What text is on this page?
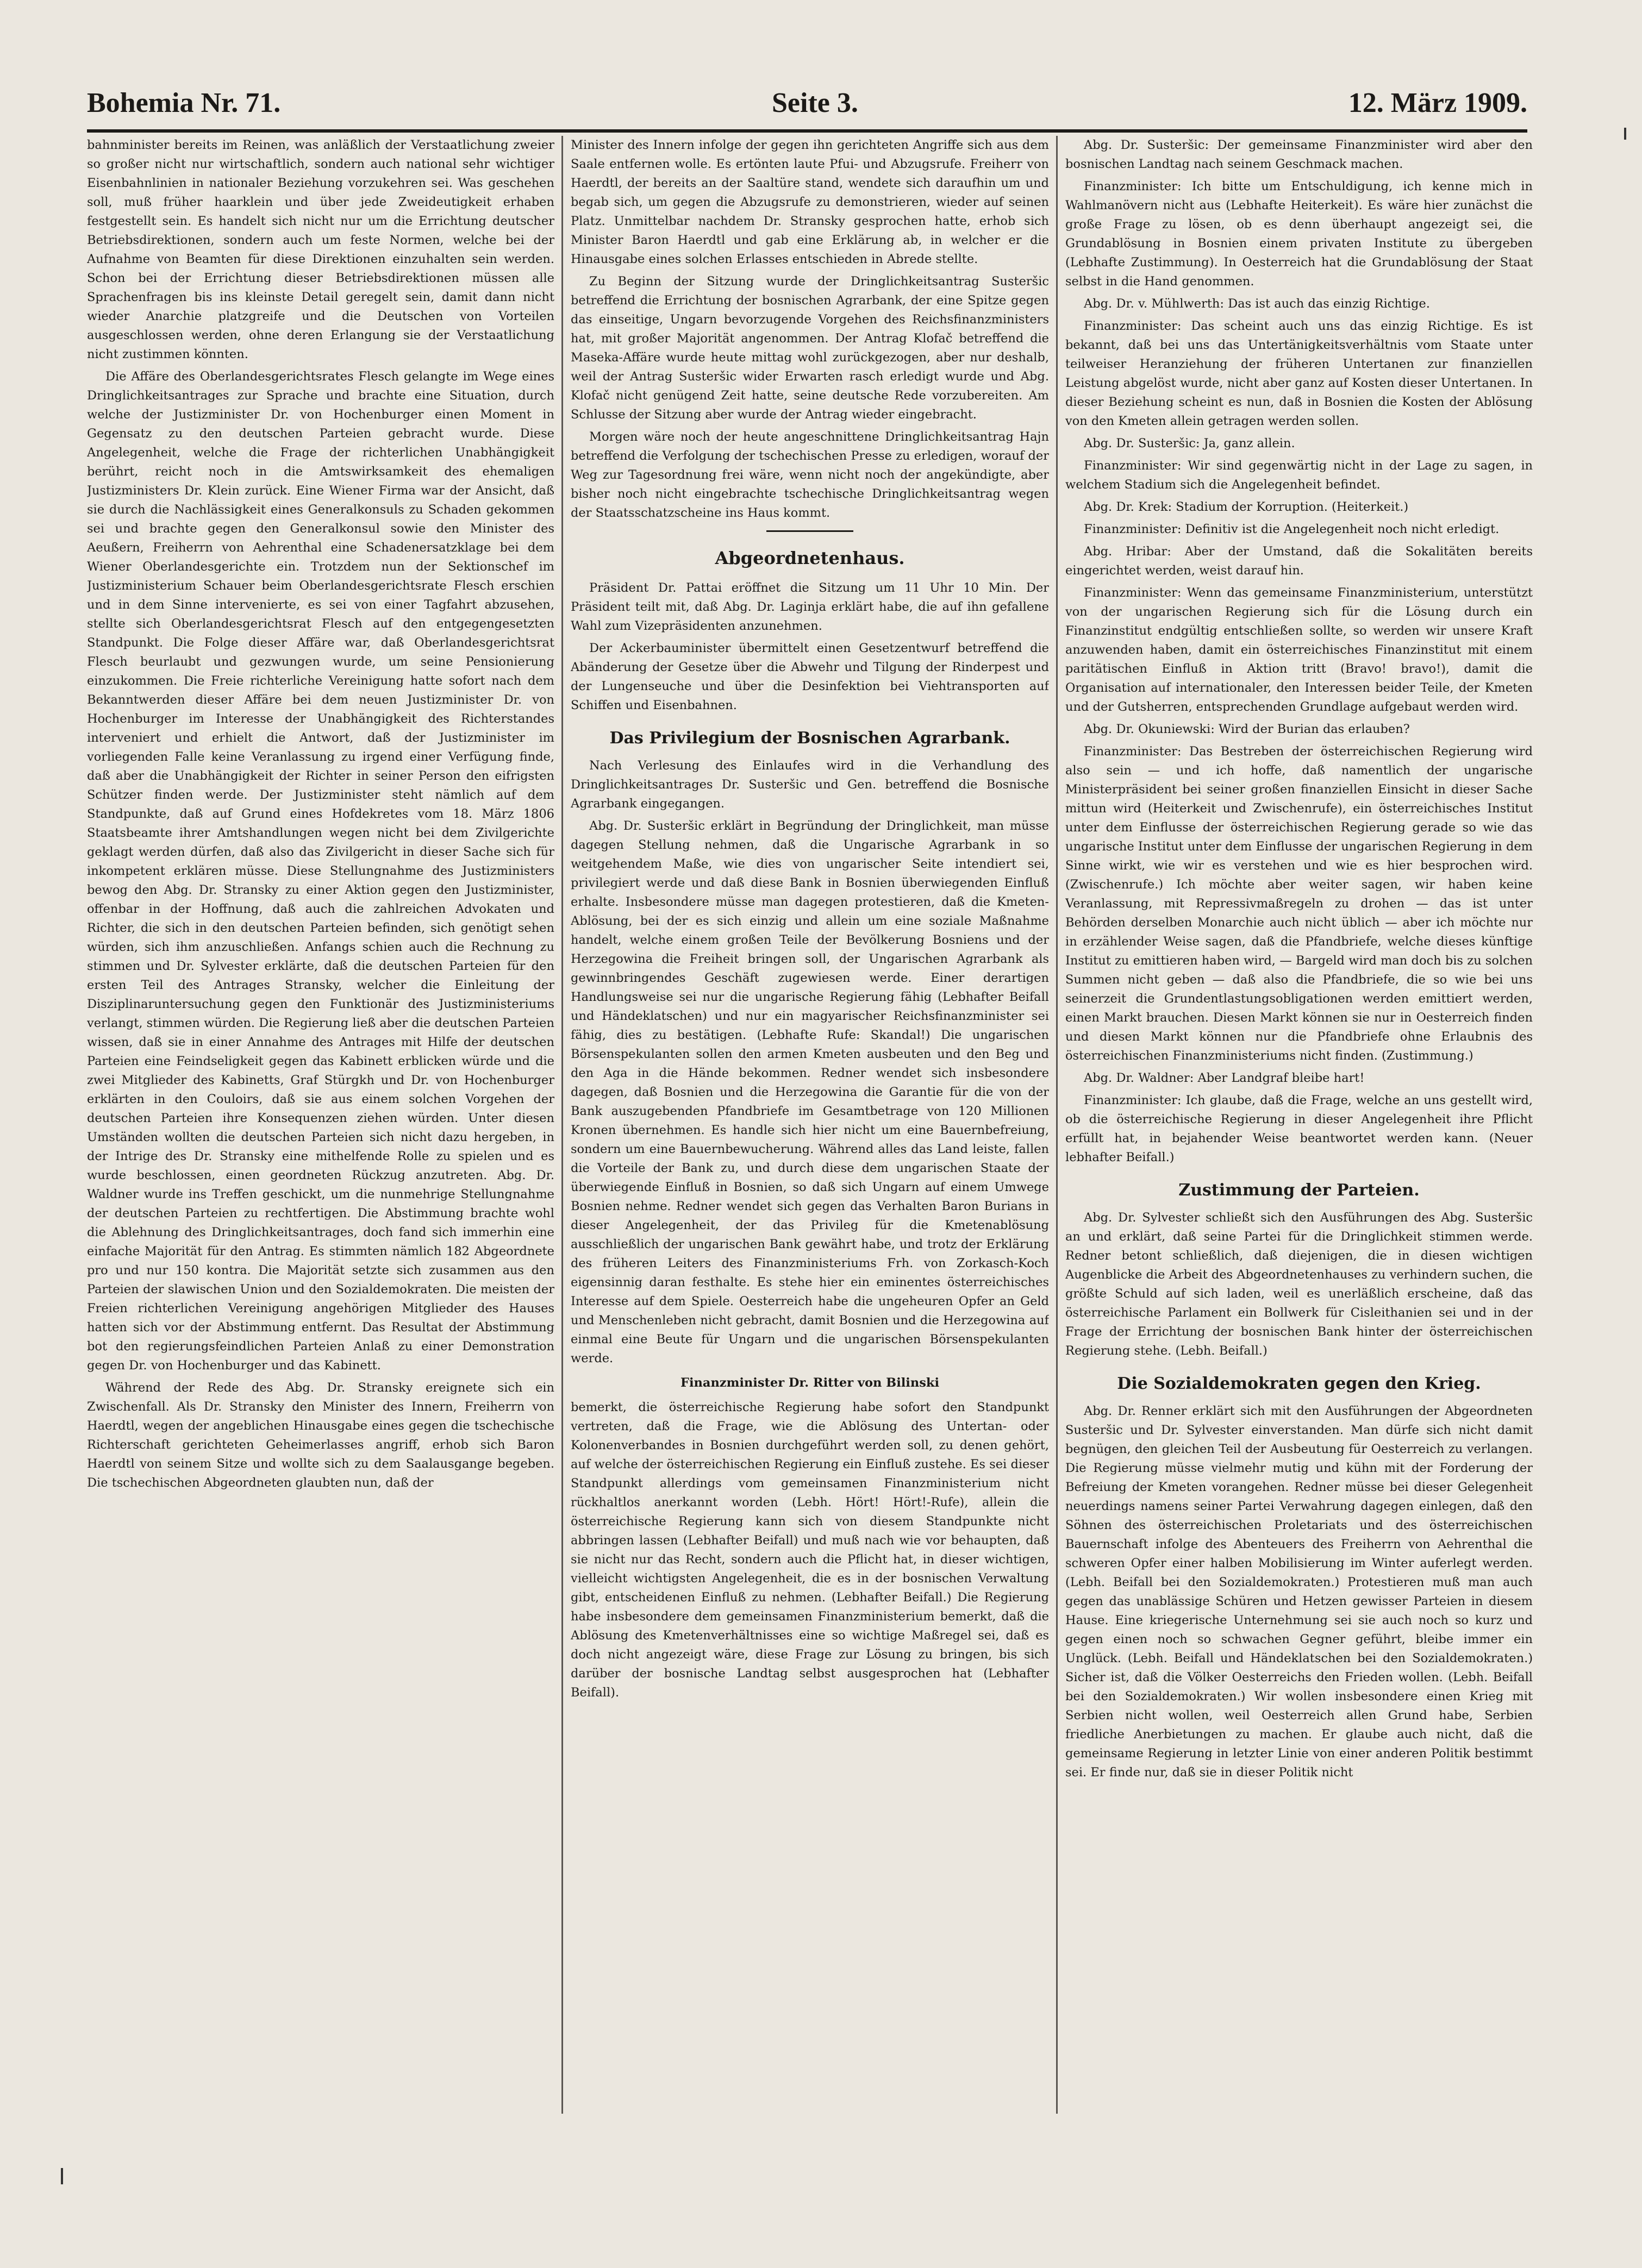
Bohemia Nr. 71.	Seite 3.	12. März 1909.

bahnminister bereits im Reinen, was anläßlich der Verstaatlichung zweier so großer nicht nur wirtschaftlich, sondern auch national sehr wichtiger Eisenbahnlinien in nationaler Beziehung vorzukehren sei. Was geschehen soll, muß früher haarklein und über jede Zweideutigkeit erhaben festgestellt sein. Es handelt sich nicht nur um die Errichtung deutscher Betriebsdirektionen, sondern auch um feste Normen, welche bei der Aufnahme von Beamten für diese Direktionen einzuhalten sein werden. Schon bei der Errichtung dieser Betriebsdirektionen müssen alle Sprachenfragen bis ins kleinste Detail geregelt sein, damit dann nicht wieder Anarchie platzgreife und die Deutschen von Vorteilen ausgeschlossen werden, ohne deren Erlangung sie der Verstaatlichung nicht zustimmen könnten.

Die Affäre des Oberlandesgerichtsrates Flesch gelangte im Wege eines Dringlichkeitsantrages zur Sprache und brachte eine Situation, durch welche der Justizminister Dr. von Hochenburger einen Moment in Gegensatz zu den deutschen Parteien gebracht wurde. Diese Angelegenheit, welche die Frage der richterlichen Unabhängigkeit berührt, reicht noch in die Amtswirksamkeit des ehemaligen Justizministers Dr. Klein zurück. Eine Wiener Firma war der Ansicht, daß sie durch die Nachlässigkeit eines Generalkonsuls zu Schaden gekommen sei und brachte gegen den Generalkonsul sowie den Minister des Aeußern, Freiherrn von Aehrenthal eine Schadenersatzklage bei dem Wiener Oberlandesgerichte ein. Trotzdem nun der Sektionschef im Justizministerium Schauer beim Oberlandesgerichtsrate Flesch erschien und in dem Sinne intervenierte, es sei von einer Tagfahrt abzusehen, stellte sich Oberlandesgerichtsrat Flesch auf den entgegengesetzten Standpunkt. Die Folge dieser Affäre war, daß Oberlandesgerichtsrat Flesch beurlaubt und gezwungen wurde, um seine Pensionierung einzukommen. Die Freie richterliche Vereinigung hatte sofort nach dem Bekanntwerden dieser Affäre bei dem neuen Justizminister Dr. von Hochenburger im Interesse der Unabhängigkeit des Richterstandes interveniert und erhielt die Antwort, daß der Justizminister im vorliegenden Falle keine Veranlassung zu irgend einer Verfügung finde, daß aber die Unabhängigkeit der Richter in seiner Person den eifrigsten Schützer finden werde. Der Justizminister steht nämlich auf dem Standpunkte, daß auf Grund eines Hofdekretes vom 18. März 1806 Staatsbeamte ihrer Amtshandlungen wegen nicht bei dem Zivilgerichte geklagt werden dürfen, daß also das Zivilgericht in dieser Sache sich für inkompetent erklären müsse. Diese Stellungnahme des Justizministers bewog den Abg. Dr. Stransky zu einer Aktion gegen den Justizminister, offenbar in der Hoffnung, daß auch die zahlreichen Advokaten und Richter, die sich in den deutschen Parteien befinden, sich genötigt sehen würden, sich ihm anzuschließen. Anfangs schien auch die Rechnung zu stimmen und Dr. Sylvester erklärte, daß die deutschen Parteien für den ersten Teil des Antrages Stransky, welcher die Einleitung der Disziplinaruntersuchung gegen den Funktionär des Justizministeriums verlangt, stimmen würden. Die Regierung ließ aber die deutschen Parteien wissen, daß sie in einer Annahme des Antrages mit Hilfe der deutschen Parteien eine Feindseligkeit gegen das Kabinett erblicken würde und die zwei Mitglieder des Kabinetts, Graf Stürgkh und Dr. von Hochenburger erklärten in den Couloirs, daß sie aus einem solchen Vorgehen der deutschen Parteien ihre Konsequenzen ziehen würden. Unter diesen Umständen wollten die deutschen Parteien sich nicht dazu hergeben, in der Intrige des Dr. Stransky eine mithelfende Rolle zu spielen und es wurde beschlossen, einen geordneten Rückzug anzutreten. Abg. Dr. Waldner wurde ins Treffen geschickt, um die nunmehrige Stellungnahme der deutschen Parteien zu rechtfertigen. Die Abstimmung brachte wohl die Ablehnung des Dringlichkeitsantrages, doch fand sich immerhin eine einfache Majorität für den Antrag. Es stimmten nämlich 182 Abgeordnete pro und nur 150 kontra. Die Majorität setzte sich zusammen aus den Parteien der slawischen Union und den Sozialdemokraten. Die meisten der Freien richterlichen Vereinigung angehörigen Mitglieder des Hauses hatten sich vor der Abstimmung entfernt. Das Resultat der Abstimmung bot den regierungsfeindlichen Parteien Anlaß zu einer Demonstration gegen Dr. von Hochenburger und das Kabinett.

Während der Rede des Abg. Dr. Stransky ereignete sich ein Zwischenfall. Als Dr. Stransky den Minister des Innern, Freiherrn von Haerdtl, wegen der angeblichen Hinausgabe eines gegen die tschechische Richterschaft gerichteten Geheimerlasses angriff, erhob sich Baron Haerdtl von seinem Sitze und wollte sich zu dem Saalausgange begeben. Die tschechischen Abgeordneten glaubten nun, daß der

Minister des Innern infolge der gegen ihn gerichteten Angriffe sich aus dem Saale entfernen wolle. Es ertönten laute Pfui- und Abzugsrufe. Freiherr von Haerdtl, der bereits an der Saaltüre stand, wendete sich daraufhin um und begab sich, um gegen die Abzugsrufe zu demonstrieren, wieder auf seinen Platz. Unmittelbar nachdem Dr. Stransky gesprochen hatte, erhob sich Minister Baron Haerdtl und gab eine Erklärung ab, in welcher er die Hinausgabe eines solchen Erlasses entschieden in Abrede stellte.

Zu Beginn der Sitzung wurde der Dringlichkeitsantrag Susteršic betreffend die Errichtung der bosnischen Agrarbank, der eine Spitze gegen das einseitige, Ungarn bevorzugende Vorgehen des Reichsfinanzministers hat, mit großer Majorität angenommen. Der Antrag Klofač betreffend die Maseka-Affäre wurde heute mittag wohl zurückgezogen, aber nur deshalb, weil der Antrag Susteršic wider Erwarten rasch erledigt wurde und Abg. Klofač nicht genügend Zeit hatte, seine deutsche Rede vorzubereiten. Am Schlusse der Sitzung aber wurde der Antrag wieder eingebracht.

Morgen wäre noch der heute angeschnittene Dringlichkeitsantrag Hajn betreffend die Verfolgung der tschechischen Presse zu erledigen, worauf der Weg zur Tagesordnung frei wäre, wenn nicht noch der angekündigte, aber bisher noch nicht eingebrachte tschechische Dringlichkeitsantrag wegen der Staatsschatzscheine ins Haus kommt.

Abgeordnetenhaus.

Präsident Dr. Pattai eröffnet die Sitzung um 11 Uhr 10 Min. Der Präsident teilt mit, daß Abg. Dr. Laginja erklärt habe, die auf ihn gefallene Wahl zum Vizepräsidenten anzunehmen.

Der Ackerbauminister übermittelt einen Gesetzentwurf betreffend die Abänderung der Gesetze über die Abwehr und Tilgung der Rinderpest und der Lungenseuche und über die Desinfektion bei Viehtransporten auf Schiffen und Eisenbahnen.

Das Privilegium der Bosnischen Agrarbank.

Nach Verlesung des Einlaufes wird in die Verhandlung des Dringlichkeitsantrages Dr. Susteršic und Gen. betreffend die Bosnische Agrarbank eingegangen.

Abg. Dr. Susteršic erklärt in Begründung der Dringlichkeit, man müsse dagegen Stellung nehmen, daß die Ungarische Agrarbank in so weitgehendem Maße, wie dies von ungarischer Seite intendiert sei, privilegiert werde und daß diese Bank in Bosnien überwiegenden Einfluß erhalte. Insbesondere müsse man dagegen protestieren, daß die Kmeten-Ablösung, bei der es sich einzig und allein um eine soziale Maßnahme handelt, welche einem großen Teile der Bevölkerung Bosniens und der Herzegowina die Freiheit bringen soll, der Ungarischen Agrarbank als gewinnbringendes Geschäft zugewiesen werde. Einer derartigen Handlungsweise sei nur die ungarische Regierung fähig (Lebhafter Beifall und Händeklatschen) und nur ein magyarischer Reichsfinanzminister sei fähig, dies zu bestätigen. (Lebhafte Rufe: Skandal!) Die ungarischen Börsenspekulanten sollen den armen Kmeten ausbeuten und den Beg und den Aga in die Hände bekommen. Redner wendet sich insbesondere dagegen, daß Bosnien und die Herzegowina die Garantie für die von der Bank auszugebenden Pfandbriefe im Gesamtbetrage von 120 Millionen Kronen übernehmen. Es handle sich hier nicht um eine Bauernbefreiung, sondern um eine Bauernbewucherung. Während alles das Land leiste, fallen die Vorteile der Bank zu, und durch diese dem ungarischen Staate der überwiegende Einfluß in Bosnien, so daß sich Ungarn auf einem Umwege Bosnien nehme. Redner wendet sich gegen das Verhalten Baron Burians in dieser Angelegenheit, der das Privileg für die Kmetenablösung ausschließlich der ungarischen Bank gewährt habe, und trotz der Erklärung des früheren Leiters des Finanzministeriums Frh. von Zorkasch-Koch eigensinnig daran festhalte. Es stehe hier ein eminentes österreichisches Interesse auf dem Spiele. Oesterreich habe die ungeheuren Opfer an Geld und Menschenleben nicht gebracht, damit Bosnien und die Herzegowina auf einmal eine Beute für Ungarn und die ungarischen Börsenspekulanten werde.

Finanzminister Dr. Ritter von Bilinski

bemerkt, die österreichische Regierung habe sofort den Standpunkt vertreten, daß die Frage, wie die Ablösung des Untertan- oder Kolonenverbandes in Bosnien durchgeführt werden soll, zu denen gehört, auf welche der österreichischen Regierung ein Einfluß zustehe. Es sei dieser Standpunkt allerdings vom gemeinsamen Finanzministerium nicht rückhaltlos anerkannt worden (Lebh. Hört! Hört!-Rufe), allein die österreichische Regierung kann sich von diesem Standpunkte nicht abbringen lassen (Lebhafter Beifall) und muß nach wie vor behaupten, daß sie nicht nur das Recht, sondern auch die Pflicht hat, in dieser wichtigen, vielleicht wichtigsten Angelegenheit, die es in der bosnischen Verwaltung gibt, entscheidenen Einfluß zu nehmen. (Lebhafter Beifall.) Die Regierung habe insbesondere dem gemeinsamen Finanzministerium bemerkt, daß die Ablösung des Kmetenverhältnisses eine so wichtige Maßregel sei, daß es doch nicht angezeigt wäre, diese Frage zur Lösung zu bringen, bis sich darüber der bosnische Landtag selbst ausgesprochen hat (Lebhafter Beifall).

Abg. Dr. Susteršic: Der gemeinsame Finanzminister wird aber den bosnischen Landtag nach seinem Geschmack machen.

Finanzminister: Ich bitte um Entschuldigung, ich kenne mich in Wahlmanövern nicht aus (Lebhafte Heiterkeit). Es wäre hier zunächst die große Frage zu lösen, ob es denn überhaupt angezeigt sei, die Grundablösung in Bosnien einem privaten Institute zu übergeben (Lebhafte Zustimmung). In Oesterreich hat die Grundablösung der Staat selbst in die Hand genommen.

Abg. Dr. v. Mühlwerth: Das ist auch das einzig Richtige.

Finanzminister: Das scheint auch uns das einzig Richtige. Es ist bekannt, daß bei uns das Untertänigkeitsverhältnis vom Staate unter teilweiser Heranziehung der früheren Untertanen zur finanziellen Leistung abgelöst wurde, nicht aber ganz auf Kosten dieser Untertanen. In dieser Beziehung scheint es nun, daß in Bosnien die Kosten der Ablösung von den Kmeten allein getragen werden sollen.

Abg. Dr. Susteršic: Ja, ganz allein.

Finanzminister: Wir sind gegenwärtig nicht in der Lage zu sagen, in welchem Stadium sich die Angelegenheit befindet.

Abg. Dr. Krek: Stadium der Korruption. (Heiterkeit.)

Finanzminister: Definitiv ist die Angelegenheit noch nicht erledigt.

Abg. Hribar: Aber der Umstand, daß die Sokalitäten bereits eingerichtet werden, weist darauf hin.

Finanzminister: Wenn das gemeinsame Finanzministerium, unterstützt von der ungarischen Regierung sich für die Lösung durch ein Finanzinstitut endgültig entschließen sollte, so werden wir unsere Kraft anzuwenden haben, damit ein österreichisches Finanzinstitut mit einem paritätischen Einfluß in Aktion tritt (Bravo! bravo!), damit die Organisation auf internationaler, den Interessen beider Teile, der Kmeten und der Gutsherren, entsprechenden Grundlage aufgebaut werden wird.

Abg. Dr. Okuniewski: Wird der Burian das erlauben?

Finanzminister: Das Bestreben der österreichischen Regierung wird also sein — und ich hoffe, daß namentlich der ungarische Ministerpräsident bei seiner großen finanziellen Einsicht in dieser Sache mittun wird (Heiterkeit und Zwischenrufe), ein österreichisches Institut unter dem Einflusse der österreichischen Regierung gerade so wie das ungarische Institut unter dem Einflusse der ungarischen Regierung in dem Sinne wirkt, wie wir es verstehen und wie es hier besprochen wird. (Zwischenrufe.) Ich möchte aber weiter sagen, wir haben keine Veranlassung, mit Repressivmaßregeln zu drohen — das ist unter Behörden derselben Monarchie auch nicht üblich — aber ich möchte nur in erzählender Weise sagen, daß die Pfandbriefe, welche dieses künftige Institut zu emittieren haben wird, — Bargeld wird man doch bis zu solchen Summen nicht geben — daß also die Pfandbriefe, die so wie bei uns seinerzeit die Grundentlastungsobligationen werden emittiert werden, einen Markt brauchen. Diesen Markt können sie nur in Oesterreich finden und diesen Markt können nur die Pfandbriefe ohne Erlaubnis des österreichischen Finanzministeriums nicht finden. (Zustimmung.)

Abg. Dr. Waldner: Aber Landgraf bleibe hart!

Finanzminister: Ich glaube, daß die Frage, welche an uns gestellt wird, ob die österreichische Regierung in dieser Angelegenheit ihre Pflicht erfüllt hat, in bejahender Weise beantwortet werden kann. (Neuer lebhafter Beifall.)

Zustimmung der Parteien.

Abg. Dr. Sylvester schließt sich den Ausführungen des Abg. Susteršic an und erklärt, daß seine Partei für die Dringlichkeit stimmen werde. Redner betont schließlich, daß diejenigen, die in diesen wichtigen Augenblicke die Arbeit des Abgeordnetenhauses zu verhindern suchen, die größte Schuld auf sich laden, weil es unerläßlich erscheine, daß das österreichische Parlament ein Bollwerk für Cisleithanien sei und in der Frage der Errichtung der bosnischen Bank hinter der österreichischen Regierung stehe. (Lebh. Beifall.)

Die Sozialdemokraten gegen den Krieg.

Abg. Dr. Renner erklärt sich mit den Ausführungen der Abgeordneten Susteršic und Dr. Sylvester einverstanden. Man dürfe sich nicht damit begnügen, den gleichen Teil der Ausbeutung für Oesterreich zu verlangen. Die Regierung müsse vielmehr mutig und kühn mit der Forderung der Befreiung der Kmeten vorangehen. Redner müsse bei dieser Gelegenheit neuerdings namens seiner Partei Verwahrung dagegen einlegen, daß den Söhnen des österreichischen Proletariats und des österreichischen Bauernschaft infolge des Abenteuers des Freiherrn von Aehrenthal die schweren Opfer einer halben Mobilisierung im Winter auferlegt werden. (Lebh. Beifall bei den Sozialdemokraten.) Protestieren muß man auch gegen das unablässige Schüren und Hetzen gewisser Parteien in diesem Hause. Eine kriegerische Unternehmung sei sie auch noch so kurz und gegen einen noch so schwachen Gegner geführt, bleibe immer ein Unglück. (Lebh. Beifall und Händeklatschen bei den Sozialdemokraten.) Sicher ist, daß die Völker Oesterreichs den Frieden wollen. (Lebh. Beifall bei den Sozialdemokraten.) Wir wollen insbesondere einen Krieg mit Serbien nicht wollen, weil Oesterreich allen Grund habe, Serbien friedliche Anerbietungen zu machen. Er glaube auch nicht, daß die gemeinsame Regierung in letzter Linie von einer anderen Politik bestimmt sei. Er finde nur, daß sie in dieser Politik nicht
